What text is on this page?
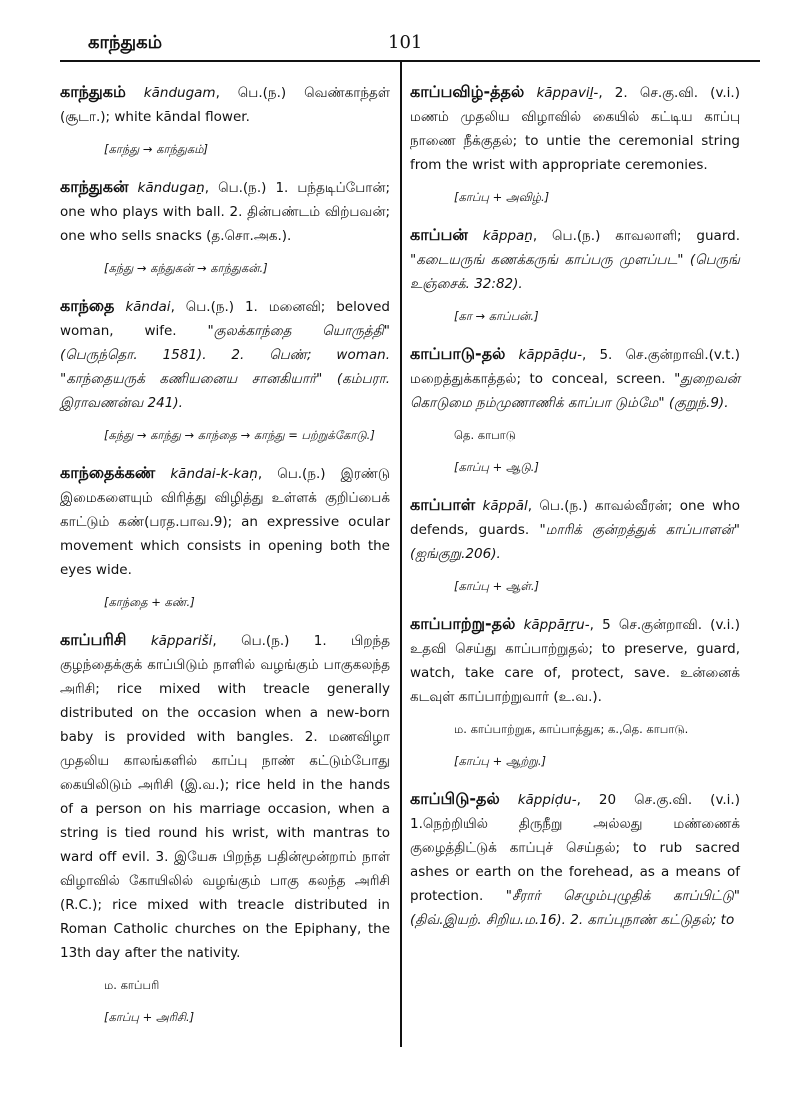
காந்துகம்	101

காந்துகம் kāndugam, பெ.(ந.) வெண்காந்தள் (சூடா.); white kāndal flower.

[காந்து → காந்துகம்]

காந்துகன் kāndugaṉ, பெ.(ந.) 1. பந்தடிப்போன்; one who plays with ball. 2. தின்பண்டம் விற்பவன்; one who sells snacks (த.சொ.அக.).

[கந்து → கந்துகன் → காந்துகன்.]

காந்தை kāndai, பெ.(ந.) 1. மனைவி; beloved woman, wife. "குலக்காந்தை யொருத்தி" (பெருந்தொ. 1581). 2. பெண்; woman. "காந்தையருக் கணியனைய சானகியார்" (கம்பரா. இராவணன்வ 241).

[கந்து → காந்து → காந்தை → காந்து = பற்றுக்கோடு.]

காந்தைக்கண் kāndai-k-kaṇ, பெ.(ந.) இரண்டு இமைகளையும் விரித்து விழித்து உள்ளக் குறிப்பைக் காட்டும் கண்(பரத.பாவ.9); an expressive ocular movement which consists in opening both the eyes wide.

[காந்தை + கண்.]

காப்பரிசி kāppariši, பெ.(ந.) 1. பிறந்த குழந்தைக்குக் காப்பிடும் நாளில் வழங்கும் பாகுகலந்த அரிசி; rice mixed with treacle generally distributed on the occasion when a new-born baby is provided with bangles. 2. மணவிழா முதலிய காலங்களில் காப்பு நாண் கட்டும்போது கையிலிடும் அரிசி (இ.வ.); rice held in the hands of a person on his marriage occasion, when a string is tied round his wrist, with mantras to ward off evil. 3. இயேசு பிறந்த பதின்மூன்றாம் நாள் விழாவில் கோயிலில் வழங்கும் பாகு கலந்த அரிசி (R.C.); rice mixed with treacle distributed in Roman Catholic churches on the Epiphany, the 13th day after the nativity.

ம. காப்பரி
[காப்பு + அரிசி.]

காப்பவிழ்-த்தல் kāppaviḻ-, 2. செ.கு.வி. (v.i.) மணம் முதலிய விழாவில் கையில் கட்டிய காப்பு நாணை நீக்குதல்; to untie the ceremonial string from the wrist with appropriate ceremonies.

[காப்பு + அவிழ்.]

காப்பன் kāppaṉ, பெ.(ந.) காவலாளி; guard. "கடையருங் கணக்கருங் காப்பரு முளப்பட" (பெருங் உஞ்சைக். 32:82).

[கா → காப்பன்.]

காப்பாடு-தல் kāppāḍu-, 5. செ.குன்றாவி.(v.t.) மறைத்துக்காத்தல்; to conceal, screen. "துறைவன் கொடுமை நம்முணாணிக் காப்பா டும்மே" (குறுந்.9).

தெ. காபாடு
[காப்பு + ஆடு.]

காப்பாள் kāppāl, பெ.(ந.) காவல்வீரன்; one who defends, guards. "மாரிக் குன்றத்துக் காப்பாளன்" (ஐங்குறு.206).

[காப்பு + ஆள்.]

காப்பாற்று-தல் kāppāṟṟu-, 5 செ.குன்றாவி. (v.i.) உதவி செய்து காப்பாற்றுதல்; to preserve, guard, watch, take care of, protect, save. உன்னைக் கடவுள் காப்பாற்றுவார் (உ.வ.).

ம. காப்பாற்றுக, காப்பாத்துக; க.,தெ. காபாடு.
[காப்பு + ஆற்று.]

காப்பிடு-தல் kāppiḍu-, 20 செ.கு.வி. (v.i.) 1.நெற்றியில் திருநீறு அல்லது மண்ணைக் குழைத்திட்டுக் காப்புச் செய்தல்; to rub sacred ashes or earth on the forehead, as a means of protection. "சீரார் செழும்புழுதிக் காப்பிட்டு" (திவ்.இயற். சிறிய.ம.16). 2. காப்புநாண் கட்டுதல்; to
